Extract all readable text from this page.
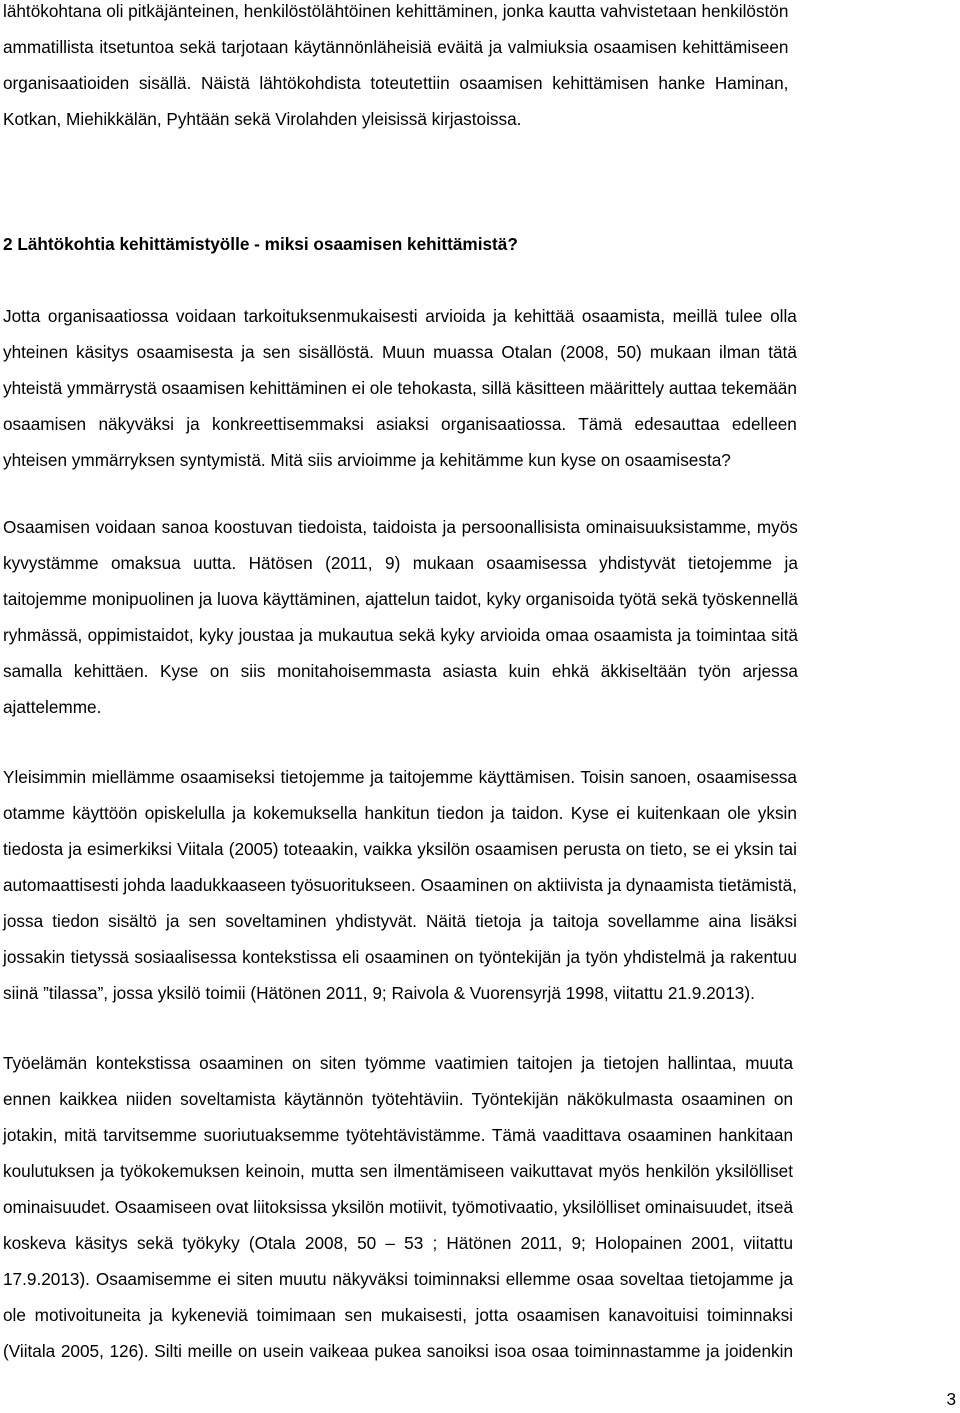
lähtökohtana oli pitkäjänteinen, henkilöstölähtöinen kehittäminen, jonka kautta vahvistetaan henkilöstön
ammatillista itsetuntoa sekä tarjotaan käytännönläheisiä eväitä ja valmiuksia osaamisen kehittämiseen
organisaatioiden sisällä. Näistä lähtökohdista toteutettiin osaamisen kehittämisen hanke Haminan,
Kotkan, Miehikkälän, Pyhtään sekä Virolahden yleisissä kirjastoissa.
2 Lähtökohtia kehittämistyölle - miksi osaamisen kehittämistä?
Jotta organisaatiossa voidaan tarkoituksenmukaisesti arvioida ja kehittää osaamista, meillä tulee olla
yhteinen käsitys osaamisesta ja sen sisällöstä. Muun muassa Otalan (2008, 50) mukaan ilman tätä
yhteistä ymmärrystä osaamisen kehittäminen ei ole tehokasta, sillä käsitteen määrittely auttaa tekemään
osaamisen näkyväksi ja konkreettisemmaksi asiaksi organisaatiossa. Tämä edesauttaa edelleen
yhteisen ymmärryksen syntymistä. Mitä siis arvioimme ja kehitämme kun kyse on osaamisesta?
Osaamisen voidaan sanoa koostuvan tiedoista, taidoista ja persoonallisista ominaisuuksistamme, myös
kyvystämme omaksua uutta. Hätösen (2011, 9) mukaan osaamisessa yhdistyvät tietojemme ja
taitojemme monipuolinen ja luova käyttäminen, ajattelun taidot, kyky organisoida työtä sekä työskennellä
ryhmässä, oppimistaidot, kyky joustaa ja mukautua sekä kyky arvioida omaa osaamista ja toimintaa sitä
samalla kehittäen. Kyse on siis monitahoisemmasta asiasta kuin ehkä äkkiseltään työn arjessa
ajattelemme.
Yleisimmin miellämme osaamiseksi tietojemme ja taitojemme käyttämisen. Toisin sanoen, osaamisessa
otamme käyttöön opiskelulla ja kokemuksella hankitun tiedon ja taidon. Kyse ei kuitenkaan ole yksin
tiedosta ja esimerkiksi Viitala (2005) toteaakin, vaikka yksilön osaamisen perusta on tieto, se ei yksin tai
automaattisesti johda laadukkaaseen työsuoritukseen. Osaaminen on aktiivista ja dynaamista tietämistä,
jossa tiedon sisältö ja sen soveltaminen yhdistyvät. Näitä tietoja ja taitoja sovellamme aina lisäksi
jossakin tietyssä sosiaalisessa kontekstissa eli osaaminen on työntekijän ja työn yhdistelmä ja rakentuu
siinä ”tilassa”, jossa yksilö toimii (Hätönen 2011, 9; Raivola & Vuorensyrjä 1998, viitattu 21.9.2013).
Työelämän kontekstissa osaaminen on siten työmme vaatimien taitojen ja tietojen hallintaa, muuta
ennen kaikkea niiden soveltamista käytännön työtehtäviin. Työntekijän näkökulmasta osaaminen on
jotakin, mitä tarvitsemme suoriutuaksemme työtehtävistämme. Tämä vaadittava osaaminen hankitaan
koulutuksen ja työkokemuksen keinoin, mutta sen ilmentämiseen vaikuttavat myös henkilön yksilölliset
ominaisuudet. Osaamiseen ovat liitoksissa yksilön motiivit, työmotivaatio, yksilölliset ominaisuudet, itseä
koskeva käsitys sekä työkyky (Otala 2008, 50 – 53 ; Hätönen 2011, 9; Holopainen 2001, viitattu
17.9.2013). Osaamisemme ei siten muutu näkyväksi toiminnaksi ellemme osaa soveltaa tietojamme ja
ole motivoituneita ja kykeneviä toimimaan sen mukaisesti, jotta osaamisen kanavoituisi toiminnaksi
(Viitala 2005, 126). Silti meille on usein vaikeaa pukea sanoiksi isoa osaa toiminnastamme ja joidenkin
3
